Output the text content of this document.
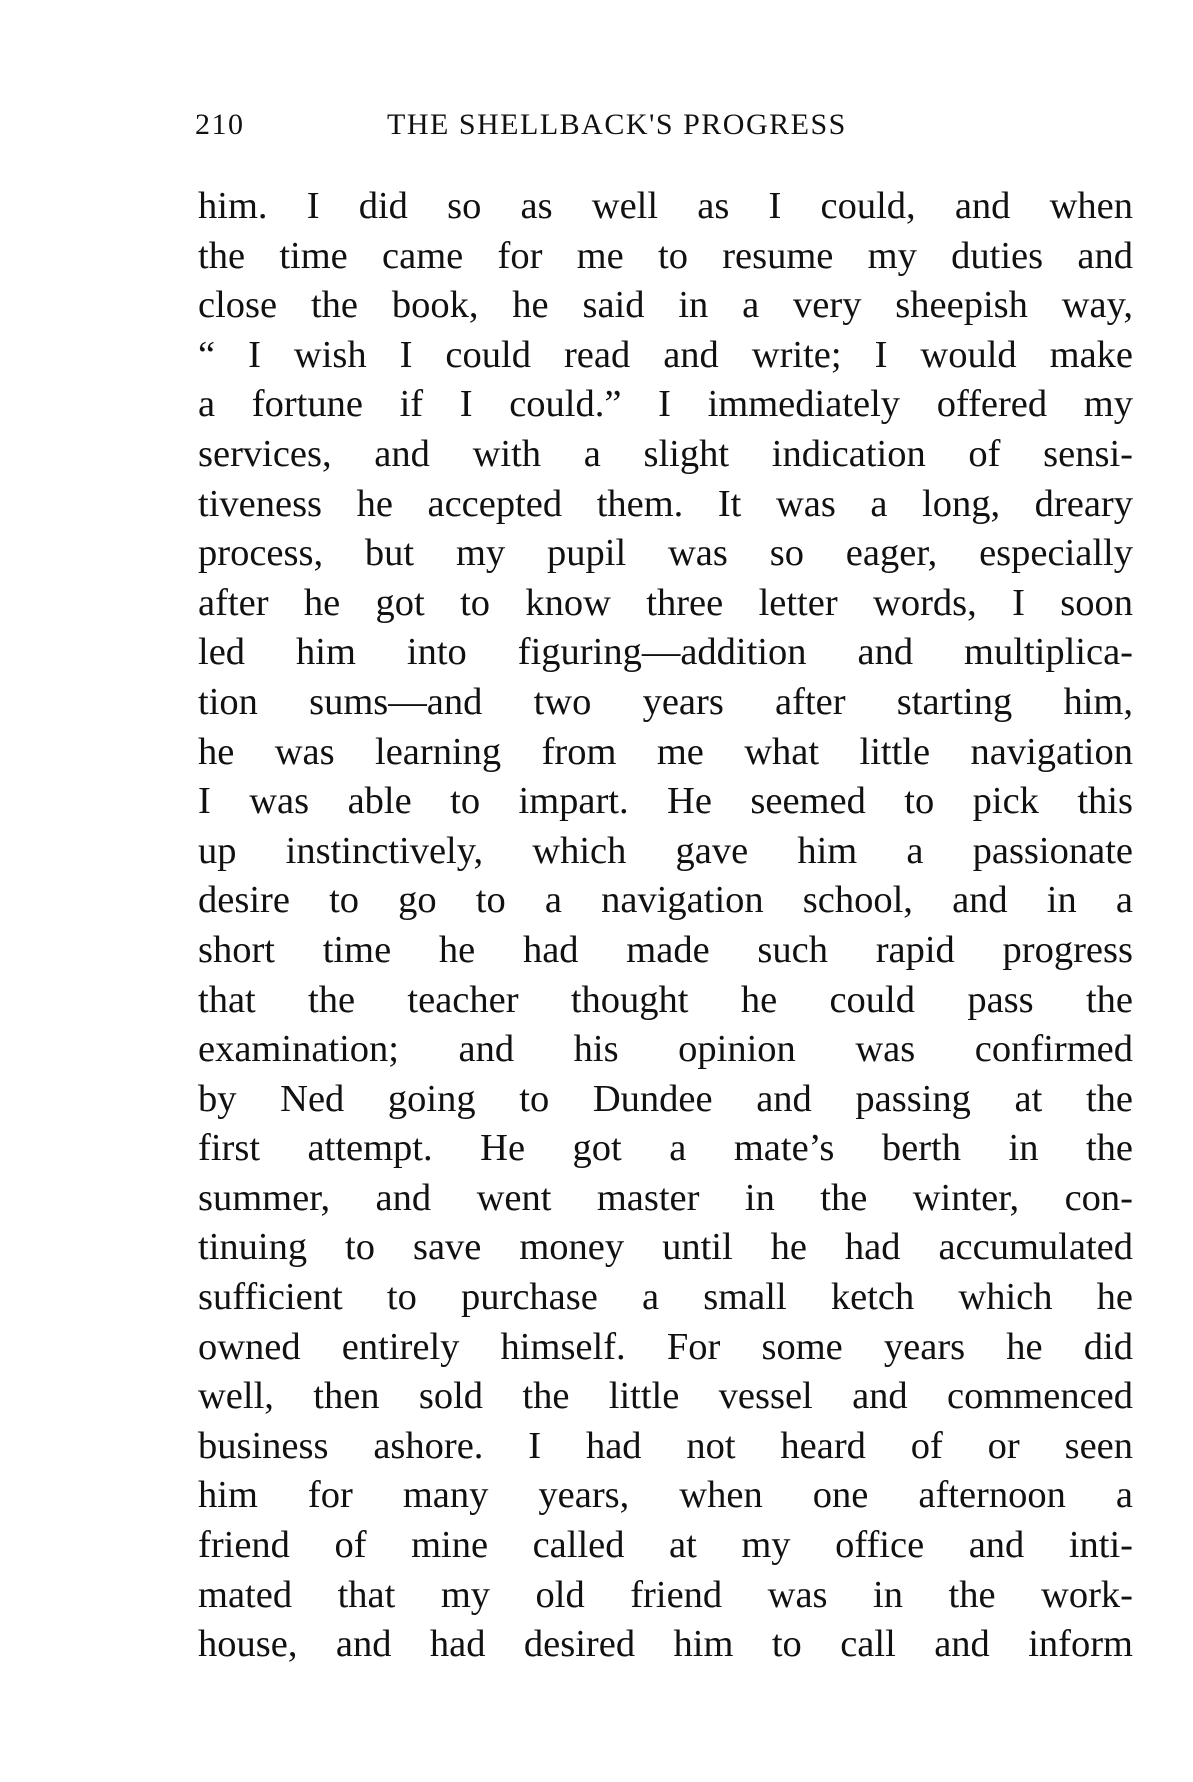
210	THE SHELLBACK'S PROGRESS
him. I did so as well as I could, and when
the time came for me to resume my duties and
close the book, he said in a very sheepish way,
“ I wish I could read and write; I would make
a fortune if I could.” I immediately offered my
services, and with a slight indication of sensi-
tiveness he accepted them. It was a long, dreary
process, but my pupil was so eager, especially
after he got to know three letter words, I soon
led him into figuring—addition and multiplica-
tion sums—and two years after starting him,
he was learning from me what little navigation
I was able to impart. He seemed to pick this
up instinctively, which gave him a passionate
desire to go to a navigation school, and in a
short time he had made such rapid progress
that the teacher thought he could pass the
examination; and his opinion was confirmed
by Ned going to Dundee and passing at the
first attempt. He got a mate’s berth in the
summer, and went master in the winter, con-
tinuing to save money until he had accumulated
sufficient to purchase a small ketch which he
owned entirely himself. For some years he did
well, then sold the little vessel and commenced
business ashore. I had not heard of or seen
him for many years, when one afternoon a
friend of mine called at my office and inti-
mated that my old friend was in the work-
house, and had desired him to call and inform
